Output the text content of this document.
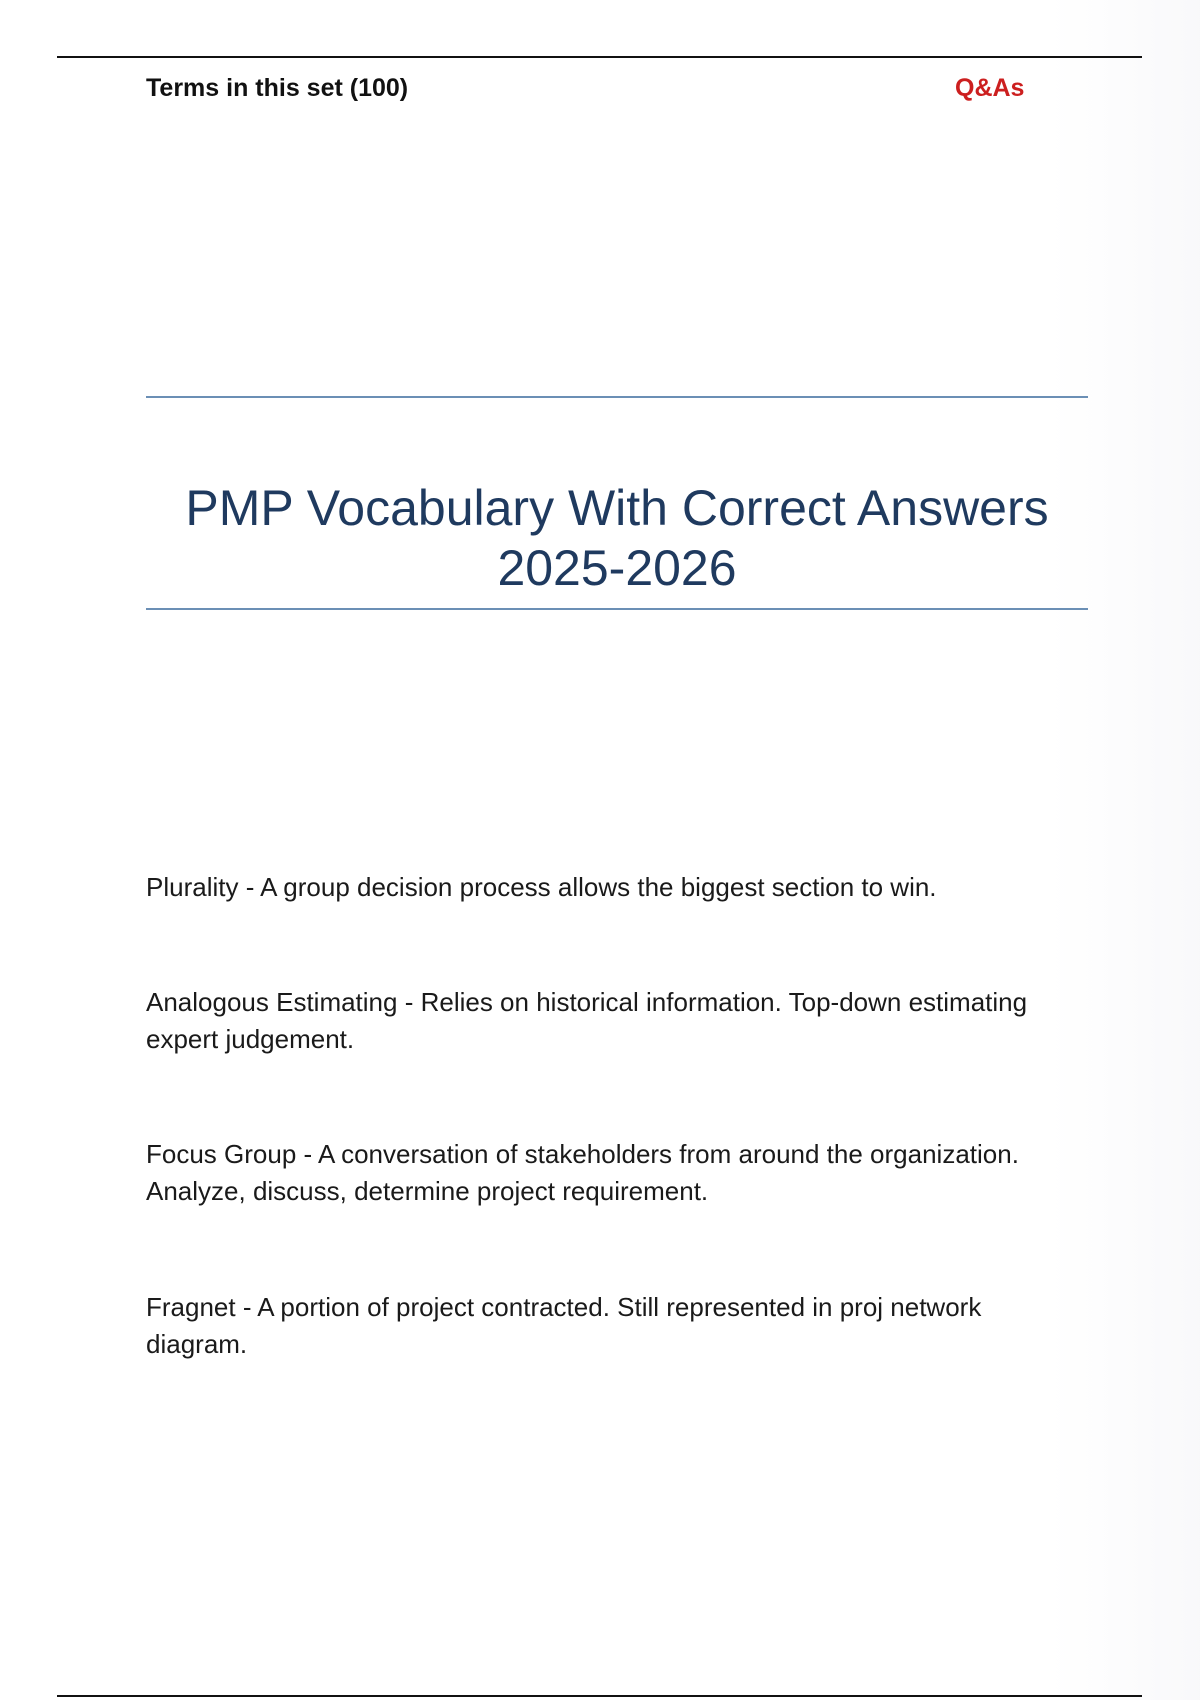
Terms in this set (100)	Q&As
PMP Vocabulary With Correct Answers
2025-2026
Plurality - A group decision process allows the biggest section to win.
Analogous Estimating - Relies on historical information. Top-down estimating expert judgement.
Focus Group - A conversation of stakeholders from around the organization. Analyze, discuss, determine project requirement.
Fragnet - A portion of project contracted. Still represented in proj network diagram.
